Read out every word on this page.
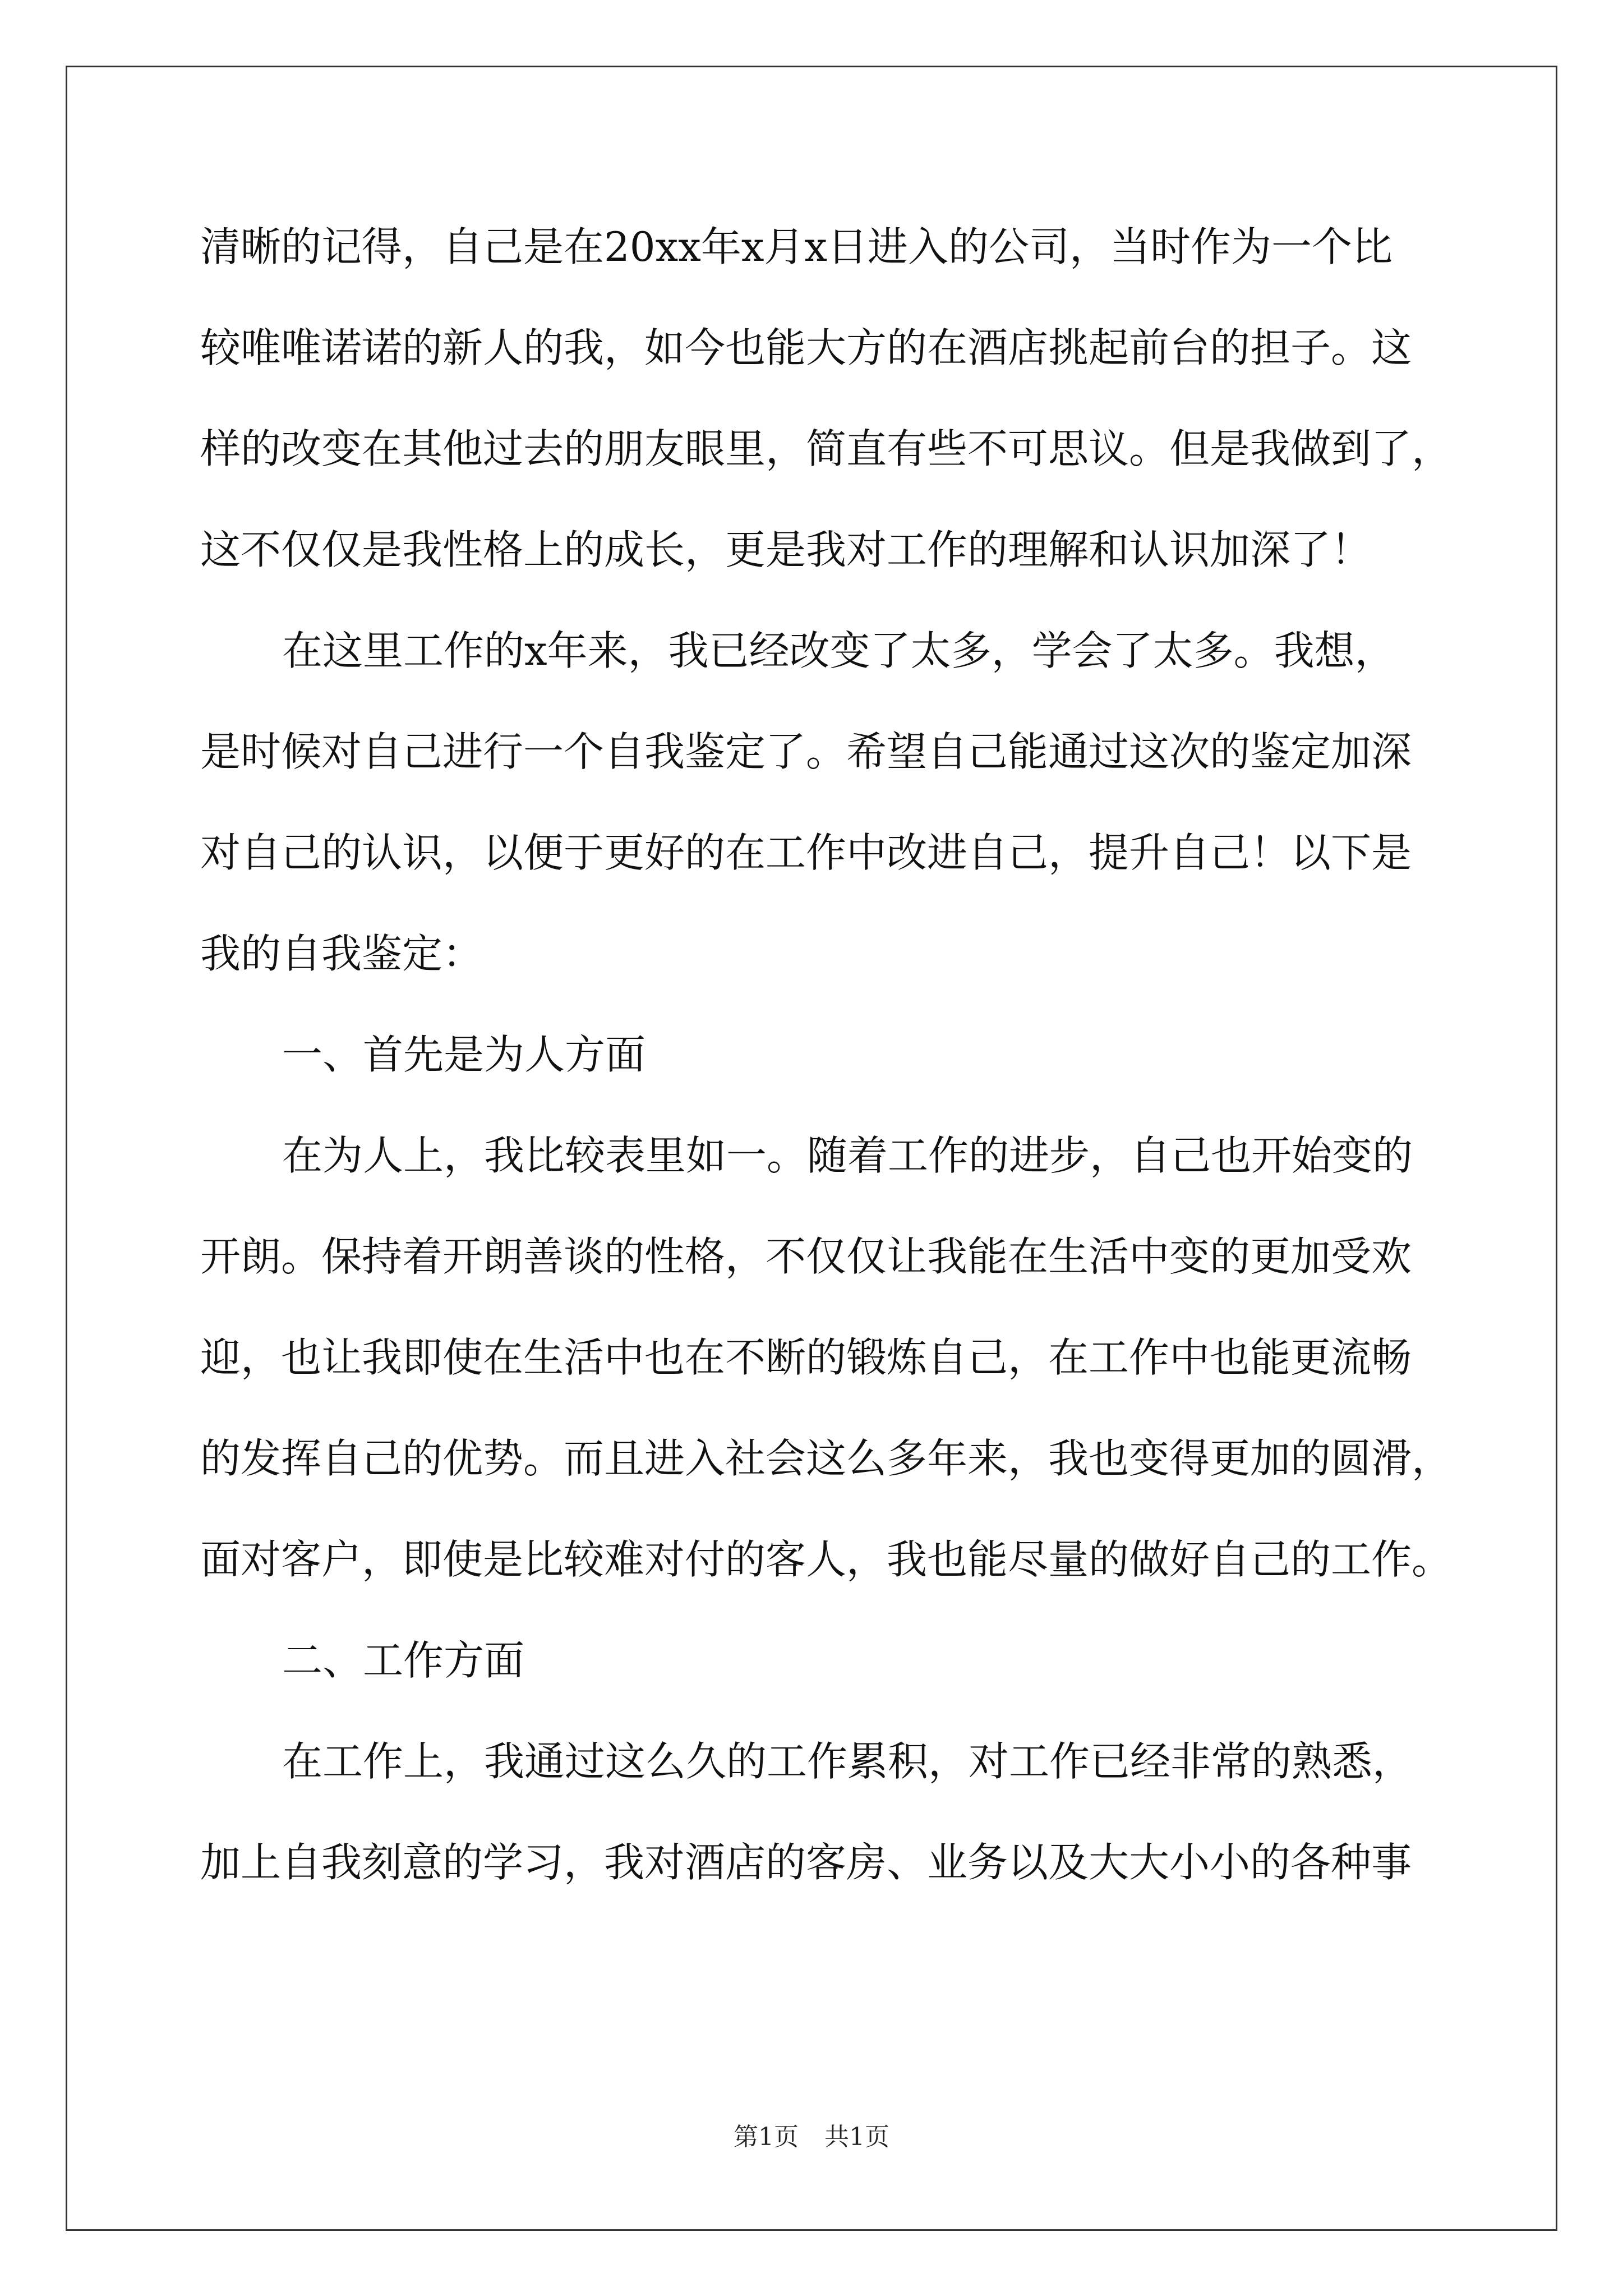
清晰的记得，自己是在20xx年x月x日进入的公司，当时作为一个比
较唯唯诺诺的新人的我，如今也能大方的在酒店挑起前台的担子。这
样的改变在其他过去的朋友眼里，简直有些不可思议。但是我做到了，
这不仅仅是我性格上的成长，更是我对工作的理解和认识加深了！
在这里工作的x年来，我已经改变了太多，学会了太多。我想，
是时候对自己进行一个自我鉴定了。希望自己能通过这次的鉴定加深
对自己的认识，以便于更好的在工作中改进自己，提升自己！以下是
我的自我鉴定：
一、首先是为人方面
在为人上，我比较表里如一。随着工作的进步，自己也开始变的
开朗。保持着开朗善谈的性格，不仅仅让我能在生活中变的更加受欢
迎，也让我即使在生活中也在不断的锻炼自己，在工作中也能更流畅
的发挥自己的优势。而且进入社会这么多年来，我也变得更加的圆滑，
面对客户，即使是比较难对付的客人，我也能尽量的做好自己的工作。
二、工作方面
在工作上，我通过这么久的工作累积，对工作已经非常的熟悉，
加上自我刻意的学习，我对酒店的客房、业务以及大大小小的各种事
第1页 共1页
